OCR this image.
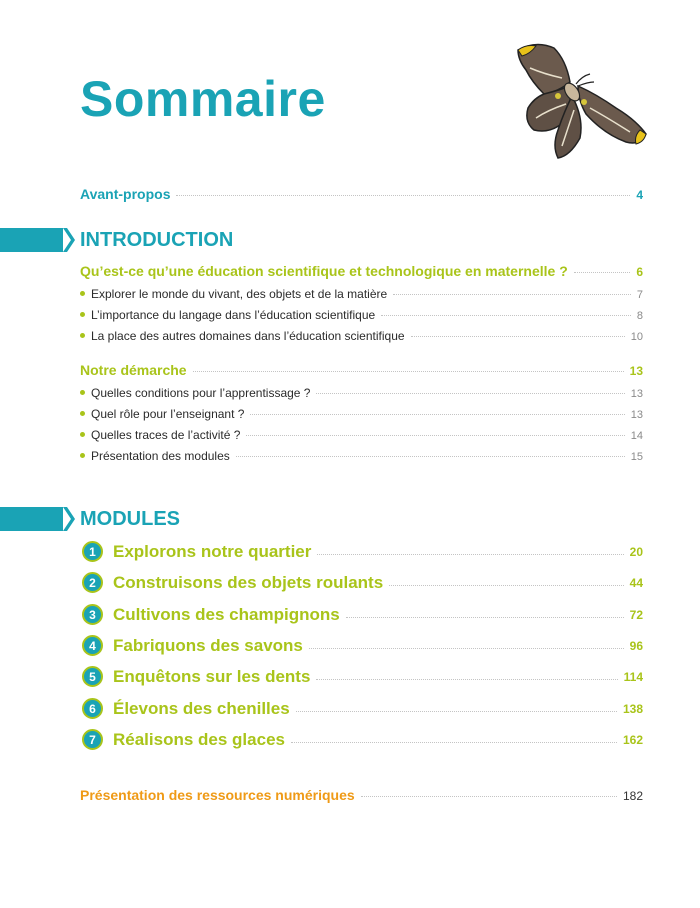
Sommaire
Avant-propos	4
INTRODUCTION
Qu’est-ce qu’une éducation scientifique et technologique en maternelle ?	6
Explorer le monde du vivant, des objets et de la matière	7
L’importance du langage dans l’éducation scientifique	8
La place des autres domaines dans l’éducation scientifique	10
Notre démarche	13
Quelles conditions pour l’apprentissage ?	13
Quel rôle pour l’enseignant ?	13
Quelles traces de l’activité ?	14
Présentation des modules	15
MODULES
1	Explorons notre quartier	20
2	Construisons des objets roulants	44
3	Cultivons des champignons	72
4	Fabriquons des savons	96
5	Enquêtons sur les dents	114
6	Élevons des chenilles	138
7	Réalisons des glaces	162
Présentation des ressources numériques	182
